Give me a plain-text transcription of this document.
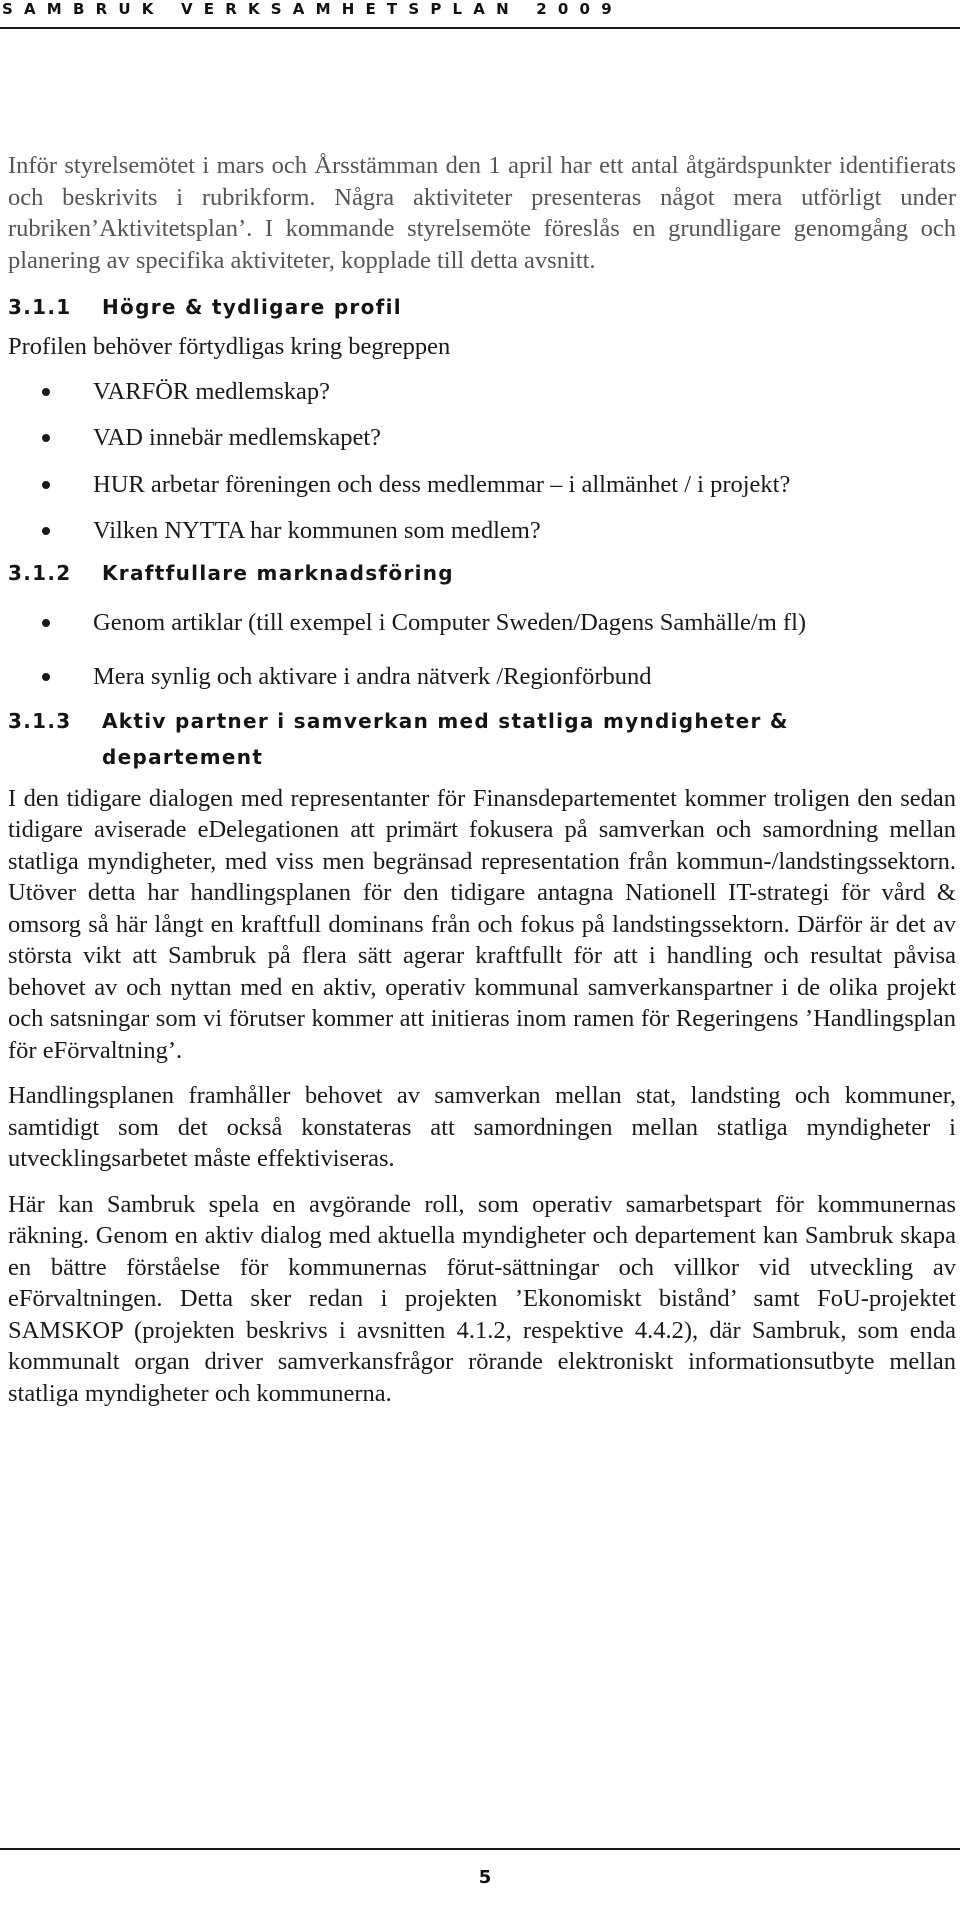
SAMBRUK VERKSAMHETSPLAN 2009

Inför styrelsemötet i mars och Årsstämman den 1 april har ett antal åtgärdspunkter identifierats och beskrivits i rubrikform. Några aktiviteter presenteras något mera utförligt under rubriken’Aktivitetsplan’. I kommande styrelsemöte föreslås en grundligare genomgång och planering av specifika aktiviteter, kopplade till detta avsnitt.

3.1.1	Högre & tydligare profil

Profilen behöver förtydligas kring begreppen

VARFÖR medlemskap?
VAD innebär medlemskapet?
HUR arbetar föreningen och dess medlemmar – i allmänhet / i projekt?
Vilken NYTTA har kommunen som medlem?
3.1.2	Kraftfullare marknadsföring
Genom artiklar (till exempel i Computer Sweden/Dagens Samhälle/m fl)
Mera synlig och aktivare i andra nätverk /Regionförbund
3.1.3	Aktiv partner i samverkan med statliga myndigheter & departement

I den tidigare dialogen med representanter för Finansdepartementet kommer troligen den sedan tidigare aviserade eDelegationen att primärt fokusera på samverkan och samordning mellan statliga myndigheter, med viss men begränsad representation från kommun-/landstingssektorn. Utöver detta har handlingsplanen för den tidigare antagna Nationell IT-strategi för vård & omsorg så här långt en kraftfull dominans från och fokus på landstingssektorn. Därför är det av största vikt att Sambruk på flera sätt agerar kraftfullt för att i handling och resultat påvisa behovet av och nyttan med en aktiv, operativ kommunal samverkanspartner i de olika projekt och satsningar som vi förutser kommer att initieras inom ramen för Regeringens ’Handlingsplan för eFörvaltning’.

Handlingsplanen framhåller behovet av samverkan mellan stat, landsting och kommuner, samtidigt som det också konstateras att samordningen mellan statliga myndigheter i utvecklingsarbetet måste effektiviseras.

Här kan Sambruk spela en avgörande roll, som operativ samarbetspart för kommunernas räkning. Genom en aktiv dialog med aktuella myndigheter och departement kan Sambruk skapa en bättre förståelse för kommunernas förut-sättningar och villkor vid utveckling av eFörvaltningen. Detta sker redan i projekten ’Ekonomiskt bistånd’ samt FoU-projektet SAMSKOP (projekten beskrivs i avsnitten 4.1.2, respektive 4.4.2), där Sambruk, som enda kommunalt organ driver samverkansfrågor rörande elektroniskt informationsutbyte mellan statliga myndigheter och kommunerna.

5
